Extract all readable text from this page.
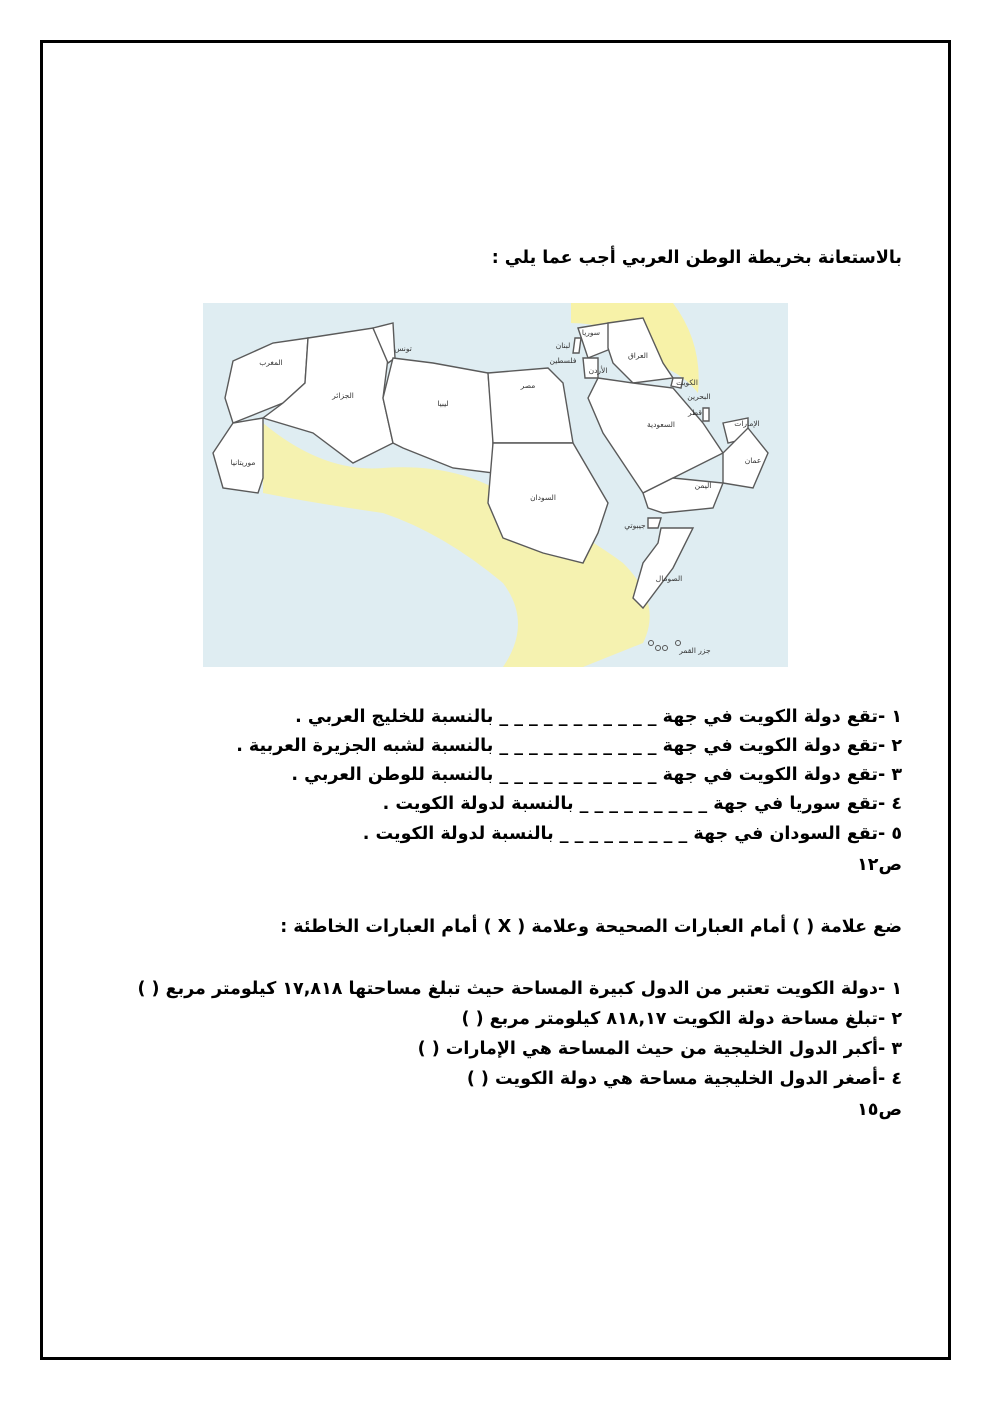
بالاستعانة بخريطة الوطن العربي أجب عما يلي :
المغرب
الجزائر
تونس
ليبيا
مصر
موريتانيا
السودان
جيبوتي
الصومال
جزر القمر
سوريا
لبنان
فلسطين
الأردن
العراق
الكويت
البحرين
قطر
الإمارات
السعودية
عمان
اليمن
١ -تقع دولة الكويت في جهة _ _ _ _ _ _ _ _ _ _ _ بالنسبة للخليج العربي .
٢ -تقع دولة الكويت في جهة _ _ _ _ _ _ _ _ _ _ _ بالنسبة لشبه الجزيرة العربية .
٣ -تقع دولة الكويت في جهة _ _ _ _ _ _ _ _ _ _ _ بالنسبة للوطن العربي .
٤ -تقع سوريا في جهة _ _ _ _ _ _ _ _ _ بالنسبة لدولة الكويت .
٥ -تقع السودان في جهة _ _ _ _ _ _ _ _ _ بالنسبة لدولة الكويت .
ص١٢
ضع علامة ( ) أمام العبارات الصحيحة وعلامة ( X ) أمام العبارات الخاطئة :
١ -دولة الكويت تعتبر من الدول كبيرة المساحة حيث تبلغ مساحتها ١٧,٨١٨ كيلومتر مربع ( )
٢ -تبلغ مساحة دولة الكويت ٨١٨,١٧ كيلومتر مربع ( )
٣ -أكبر الدول الخليجية من حيث المساحة هي الإمارات ( )
٤ -أصغر الدول الخليجية مساحة هي دولة الكويت ( )
ص١٥
